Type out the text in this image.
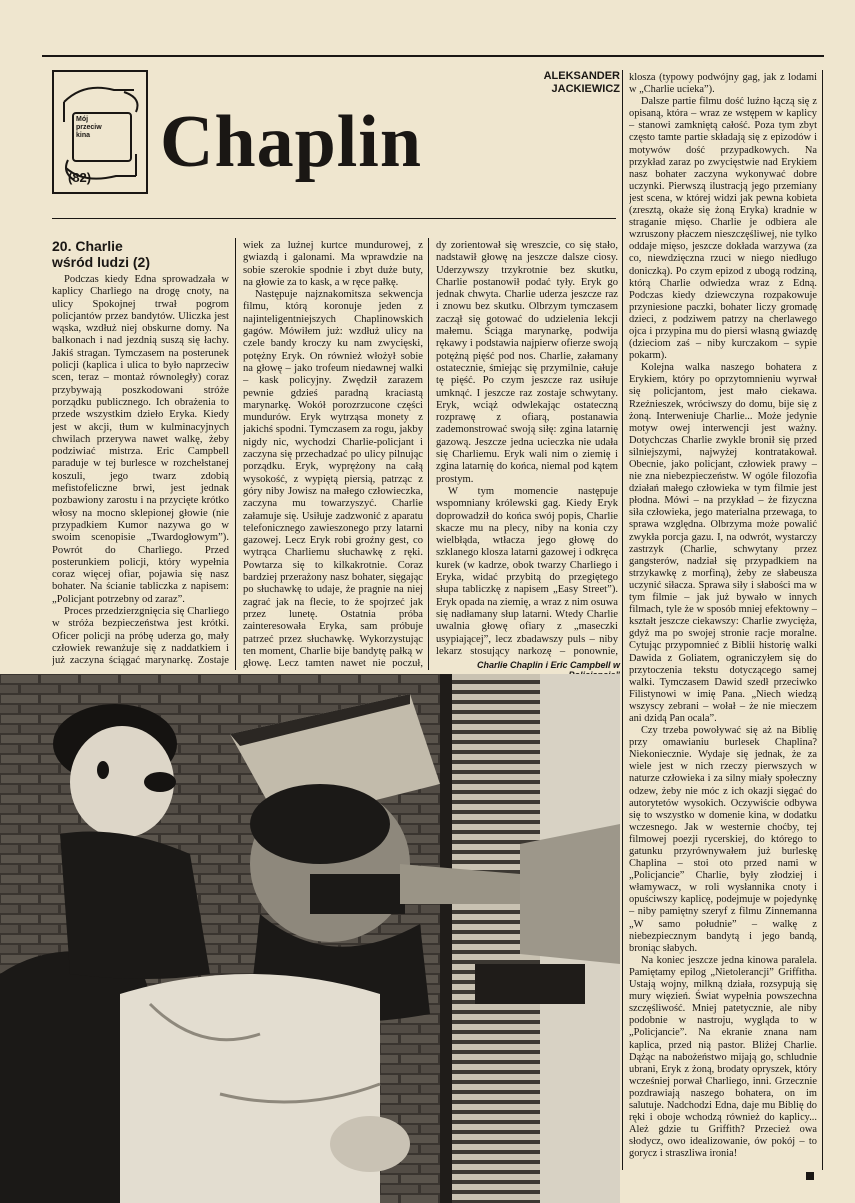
Mój
przeciw
kina
(82) Chaplin
ALEKSANDER
JACKIEWICZ
20. Charlie
wśród ludzi (2)

Podczas kiedy Edna sprowadzała w kaplicy Charliego na drogę cnoty, na ulicy Spokojnej trwał pogrom policjantów przez bandytów. Uliczka jest wąska, wzdłuż niej obskurne domy. Na balkonach i nad jezdnią suszą się łachy. Jakiś stragan. Tymczasem na posterunek policji (kaplica i ulica to było naprzeciw scen, teraz – montaż równoległy) coraz przybywają poszkodowani stróże porządku publicznego. Ich obrażenia to przede wszystkim dzieło Eryka. Kiedy jest w akcji, tłum w kulminacyjnych chwilach przerywa nawet walkę, żeby podziwiać mistrza. Eric Campbell paraduje w tej burlesce w rozchełstanej koszuli, jego twarz zdobią mefistofeliczne brwi, jest jednak pozbawiony zarostu i na przycięte krótko włosy na mocno sklepionej głowie (nie przypadkiem Kumor nazywa go w swoim scenopisie „Twardogłowym”). Powrót do Charliego. Przed posterunkiem policji, który wypełnia coraz więcej ofiar, pojawia się nasz bohater. Na ścianie tabliczka z napisem: „Policjant potrzebny od zaraz”.

Proces przedzierzgnięcia się Charliego w stróża bezpieczeństwa jest krótki. Oficer policji na próbę uderza go, mały człowiek rewanżuje się z naddatkiem i już zaczyna ściągać marynarkę. Zostaje

wiek za luźnej kurtce mundurowej, z gwiazdą i galonami. Ma wprawdzie na sobie szerokie spodnie i zbyt duże buty, na głowie za to kask, a w ręce pałkę.

Następuje najznakomitsza sekwencja filmu, którą koronuje jeden z najinteligentniejszych Chaplinowskich gagów. Mówiłem już: wzdłuż ulicy na czele bandy kroczy ku nam zwycięski, potężny Eryk. On również włożył sobie na głowę – jako trofeum niedawnej walki – kask policyjny. Zwędził zarazem pewnie gdzieś paradną kraciastą marynarkę. Wokół porozrzucone części mundurów. Eryk wytrząsa monety z jakichś spodni. Tymczasem za rogu, jakby nigdy nic, wychodzi Charlie-policjant i zaczyna się przechadzać po ulicy pilnując porządku. Eryk, wyprężony na całą wysokość, z wypiętą piersią, patrząc z góry niby Jowisz na małego człowieczka, zaczyna mu towarzyszyć. Charlie załamuje się. Usiłuje zadzwonić z aparatu telefonicznego zawieszonego przy latarni gazowej. Lecz Eryk robi groźny gest, co wytrąca Charliemu słuchawkę z ręki. Powtarza się to kilkakrotnie. Coraz bardziej przerażony nasz bohater, sięgając po słuchawkę to udaje, że pragnie na niej zagrać jak na flecie, to że spojrzeć jak przez lunetę. Ostatnia próba zainteresowała Eryka, sam próbuje patrzeć przez słuchawkę. Wykorzystując ten moment, Charlie bije bandytę pałką w głowę. Lecz tamten nawet nie poczuł,

dy zorientował się wreszcie, co się stało, nadstawił głowę na jeszcze dalsze ciosy. Uderzywszy trzykrotnie bez skutku, Charlie postanowił podać tyły. Eryk go jednak chwyta. Charlie uderza jeszcze raz i znowu bez skutku. Olbrzym tymczasem zaczął się gotować do udzielenia lekcji małemu. Ściąga marynarkę, podwija rękawy i podstawia najpierw ofierze swoją potężną pięść pod nos. Charlie, załamany ostatecznie, śmiejąc się przymilnie, całuje tę pięść. Po czym jeszcze raz usiłuje umknąć. I jeszcze raz zostaje schwytany. Eryk, wciąż odwlekając ostateczną rozprawę z ofiarą, postanawia zademonstrować swoją siłę: zgina latarnię gazową. Jeszcze jedna ucieczka nie udała się Charliemu. Eryk wali nim o ziemię i zgina latarnię do końca, niemal pod kątem prostym.

W tym momencie następuje wspomniany królewski gag. Kiedy Eryk doprowadził do końca swój popis, Charlie skacze mu na plecy, niby na konia czy wielbłąda, wtłacza jego głowę do szklanego klosza latarni gazowej i odkręca kurek (w kadrze, obok twarzy Charliego i Eryka, widać przybitą do przegiętego słupa tabliczkę z napisem „Easy Street”). Eryk opada na ziemię, a wraz z nim osuwa się nadłamany słup latarni. Wtedy Charlie uwalnia głowę ofiary z „maseczki usypiającej”, lecz zbadawszy puls – niby lekarz stosujący narkozę – ponownie,

Charlie Chaplin i Eric Campbell w

klosza (typowy podwójny gag, jak z lodami w „Charlie ucieka”).

Dalsze partie filmu dość luźno łączą się z opisaną, która – wraz ze wstępem w kaplicy – stanowi zamkniętą całość. Poza tym zbyt często tamte partie składają się z epizodów i motywów dość przypadkowych. Na przykład zaraz po zwycięstwie nad Erykiem nasz bohater zaczyna wykonywać dobre uczynki. Pierwszą ilustracją jego przemiany jest scena, w której widzi jak pewna kobieta (zresztą, okaże się żoną Eryka) kradnie w straganie mięso. Charlie je odbiera ale wzruszony płaczem nieszczęśliwej, nie tylko oddaje mięso, jeszcze dokłada warzywa (za co, niewdzięczna rzuci w niego niedługo doniczką). Po czym epizod z ubogą rodziną, którą Charlie odwiedza wraz z Edną. Podczas kiedy dziewczyna rozpakowuje przyniesione paczki, bohater liczy gromadę dzieci, z podziwem patrzy na cherlawego ojca i przypina mu do piersi własną gwiazdę (dzieciom zaś – niby kurczakom – sypie pokarm).

Kolejna walka naszego bohatera z Erykiem, który po oprzytomnieniu wyrwał się policjantom, jest mało ciekawa. Rzeźnieszek, wróciwszy do domu, bije się z żoną. Interweniuje Charlie... Może jedynie motyw owej interwencji jest ważny. Dotychczas Charlie zwykle bronił się przed silniejszymi, najwyżej kontratakował. Obecnie, jako policjant, człowiek prawy – nie zna niebezpieczeństw. W ogóle filozofia działań małego człowieka w tym filmie jest płodna. Mówi – na przykład – że fizyczna siła człowieka, jego materialna przewaga, to sprawa względna. Olbrzyma może powalić zwykła porcja gazu. I, na odwrót, wystarczy zastrzyk (Charlie, schwytany przez gangsterów, nadział się przypadkiem na strzykawkę z morfiną), żeby ze słabeusza uczynić siłacza. Sprawa siły i słabości ma w tym filmie – jak już bywało w innych filmach, tyle że w sposób mniej efektowny – kształt jeszcze ciekawszy: Charlie zwycięża, gdyż ma po swojej stronie racje moralne. Cytując przypomnieć z Biblii historię walki Dawida z Goliatem, ograniczyłem się do przytoczenia tekstu dotyczącego samej walki. Tymczasem Dawid szedł przeciwko Filistynowi w imię Pana. „Niech wiedzą wszyscy zebrani – wołał – że nie mieczem ani dzidą Pan ocala”.

Czy trzeba powoływać się aż na Biblię przy omawianiu burlesek Chaplina? Niekoniecznie. Wydaje się jednak, że za wiele jest w nich rzeczy pierwszych w naturze człowieka i za silny miały społeczny odzew, żeby nie móc z ich okazji sięgać do autorytetów wysokich. Oczywiście odbywa się to wszystko w domenie kina, w dodatku wczesnego. Jak w westernie choćby, tej filmowej poezji rycerskiej, do którego to gatunku przyrównywałem już burleskę Chaplina – stoi oto przed nami w „Policjancie” Charlie, były złodziej i włamywacz, w roli wysłannika cnoty i opuściwszy kaplicę, podejmuje w pojedynkę – niby pamiętny szeryf z filmu Zinnemanna „W samo południe” – walkę z niebezpiecznym bandytą i jego bandą, broniąc słabych.

Na koniec jeszcze jedna kinowa paralela. Pamiętamy epilog „Nietolerancji” Griffitha. Ustają wojny, milkną działa, rozsypują się mury więzień. Świat wypełnia powszechna szczęśliwość. Mniej patetycznie, ale niby podobnie w nastroju, wygląda to w „Policjancie”. Na ekranie znana nam kaplica, przed nią pastor. Bliżej Charlie. Dążąc na nabożeństwo mijają go, schludnie ubrani, Eryk z żoną, brodaty opryszek, który wcześniej porwał Charliego, inni. Grzecznie pozdrawiają naszego bohatera, on im salutuje. Nadchodzi Edna, daje mu Biblię do ręki i oboje wchodzą również do kaplicy... Ależ gdzie tu Griffith? Przecież owa słodycz, owo idealizowanie, ów pokój – to gorycz i straszliwa ironia!
